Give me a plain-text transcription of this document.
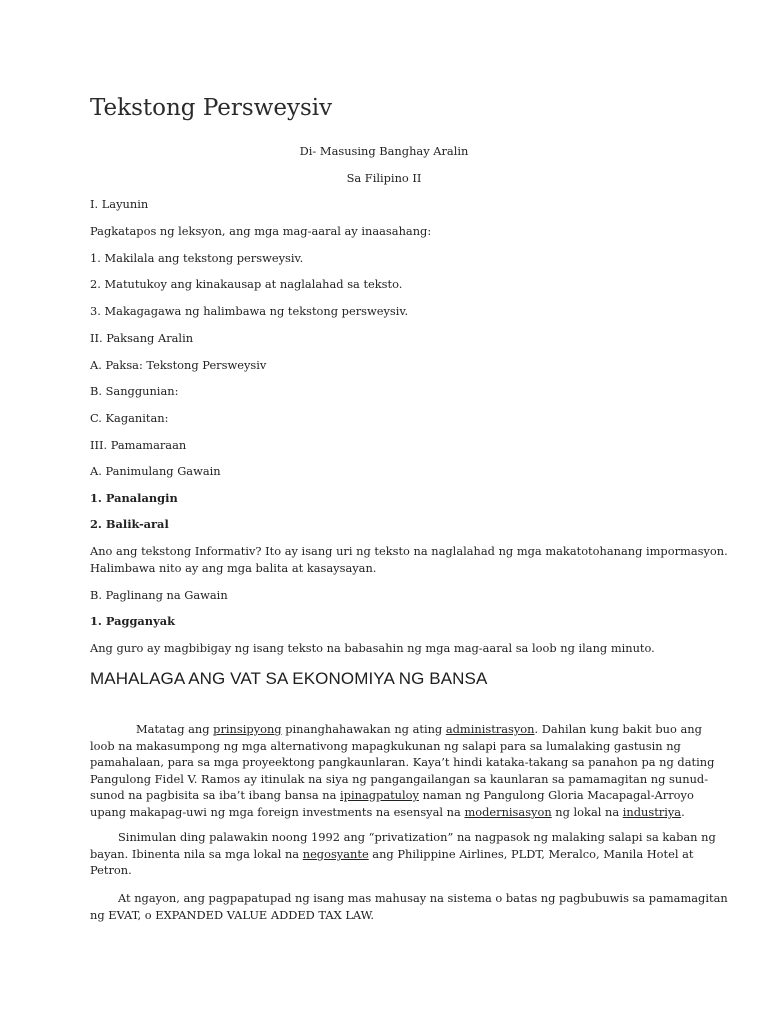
Tekstong Persweysiv
Di- Masusing Banghay Aralin
Sa Filipino II
I. Layunin
Pagkatapos ng leksyon, ang mga mag-aaral ay inaasahang:
1. Makilala ang tekstong persweysiv.
2. Matutukoy ang kinakausap at naglalahad sa teksto.
3. Makagagawa ng halimbawa ng tekstong persweysiv.
II. Paksang Aralin
A. Paksa: Tekstong Persweysiv
B. Sanggunian:
C. Kaganitan:
III. Pamamaraan
A. Panimulang Gawain
1. Panalangin
2. Balik-aral
Ano ang tekstong Informativ? Ito ay isang uri ng teksto na naglalahad ng mga makatotohanang impormasyon.
Halimbawa nito ay ang mga balita at kasaysayan.
B. Paglinang na Gawain
1. Pagganyak
Ang guro ay magbibigay ng isang teksto na babasahin ng mga mag-aaral sa loob ng ilang minuto.
MAHALAGA ANG VAT SA EKONOMIYA NG BANSA
Matatag ang prinsipyong pinanghahawakan ng ating administrasyon. Dahilan kung bakit buo ang
loob na makasumpong ng mga alternativong mapagkukunan ng salapi para sa lumalaking gastusin ng
pamahalaan, para sa mga proyeektong pangkaunlaran. Kaya’t hindi kataka-takang sa panahon pa ng dating
Pangulong Fidel V. Ramos ay itinulak na siya ng pangangailangan sa kaunlaran sa pamamagitan ng sunud-
sunod na pagbisita sa iba’t ibang bansa na ipinagpatuloy naman ng Pangulong Gloria Macapagal-Arroyo
upang makapag-uwi ng mga foreign investments na esensyal na modernisasyon ng lokal na industriya.
Sinimulan ding palawakin noong 1992 ang “privatization” na nagpasok ng malaking salapi sa kaban ng
bayan. Ibinenta nila sa mga lokal na negosyante ang Philippine Airlines, PLDT, Meralco, Manila Hotel at
Petron.
At ngayon, ang pagpapatupad ng isang mas mahusay na sistema o batas ng pagbubuwis sa pamamagitan
ng EVAT, o EXPANDED VALUE ADDED TAX LAW.
